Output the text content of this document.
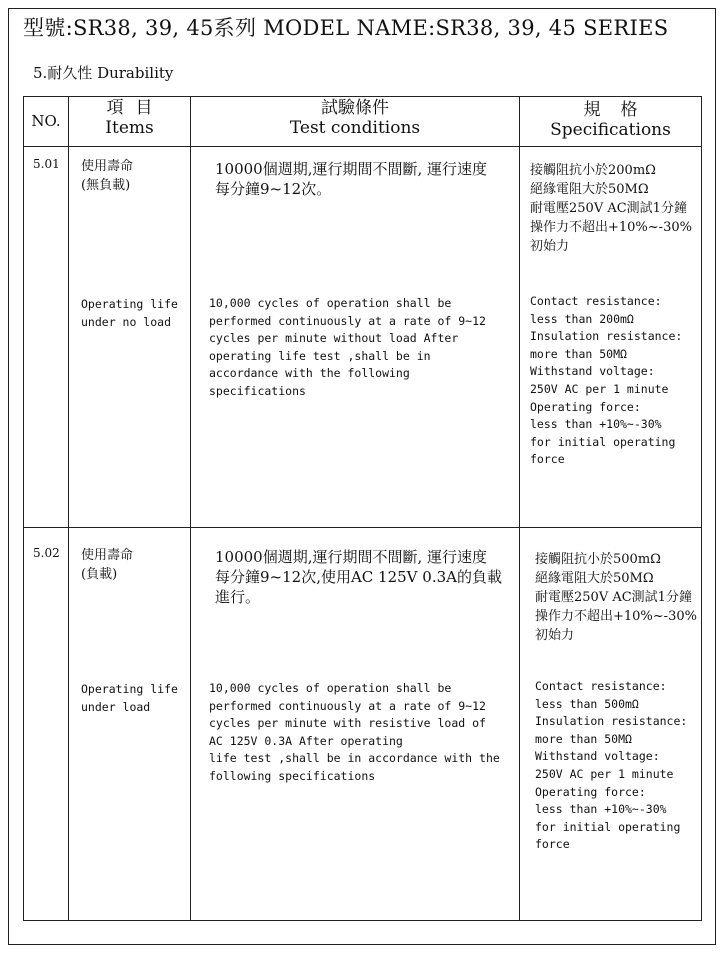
型號:SR38, 39, 45系列 MODEL NAME:SR38, 39, 45 SERIES
5.耐久性 Durability
NO.
項目
Items
試驗條件
Test conditions
規格
Specifications
5.01 使用壽命
(無負載)
10000個週期,運行期間不間斷, 運行速度
每分鐘9~12次。
接觸阻抗小於200mΩ
絕緣電阻大於50MΩ
耐電壓250V AC測試1分鐘
操作力不超出+10%~-30%
初始力
Operating life
under no load
10,000 cycles of operation shall be
performed continuously at a rate of 9~12
cycles per minute without load After
operating life test ,shall be in
accordance with the following
specifications
Contact resistance:
less than 200mΩ
Insulation resistance:
more than 50MΩ
Withstand voltage:
250V AC per 1 minute
Operating force:
less than +10%~-30%
for initial operating
force
5.02 使用壽命
(負載)
10000個週期,運行期間不間斷, 運行速度
每分鐘9~12次,使用AC 125V 0.3A的負載
進行。
接觸阻抗小於500mΩ
絕緣電阻大於50MΩ
耐電壓250V AC測試1分鐘
操作力不超出+10%~-30%
初始力
Operating life
under load
10,000 cycles of operation shall be
performed continuously at a rate of 9~12
cycles per minute with resistive load of
AC 125V 0.3A After operating
life test ,shall be in accordance with the
following specifications
Contact resistance:
less than 500mΩ
Insulation resistance:
more than 50MΩ
Withstand voltage:
250V AC per 1 minute
Operating force:
less than +10%~-30%
for initial operating
force
